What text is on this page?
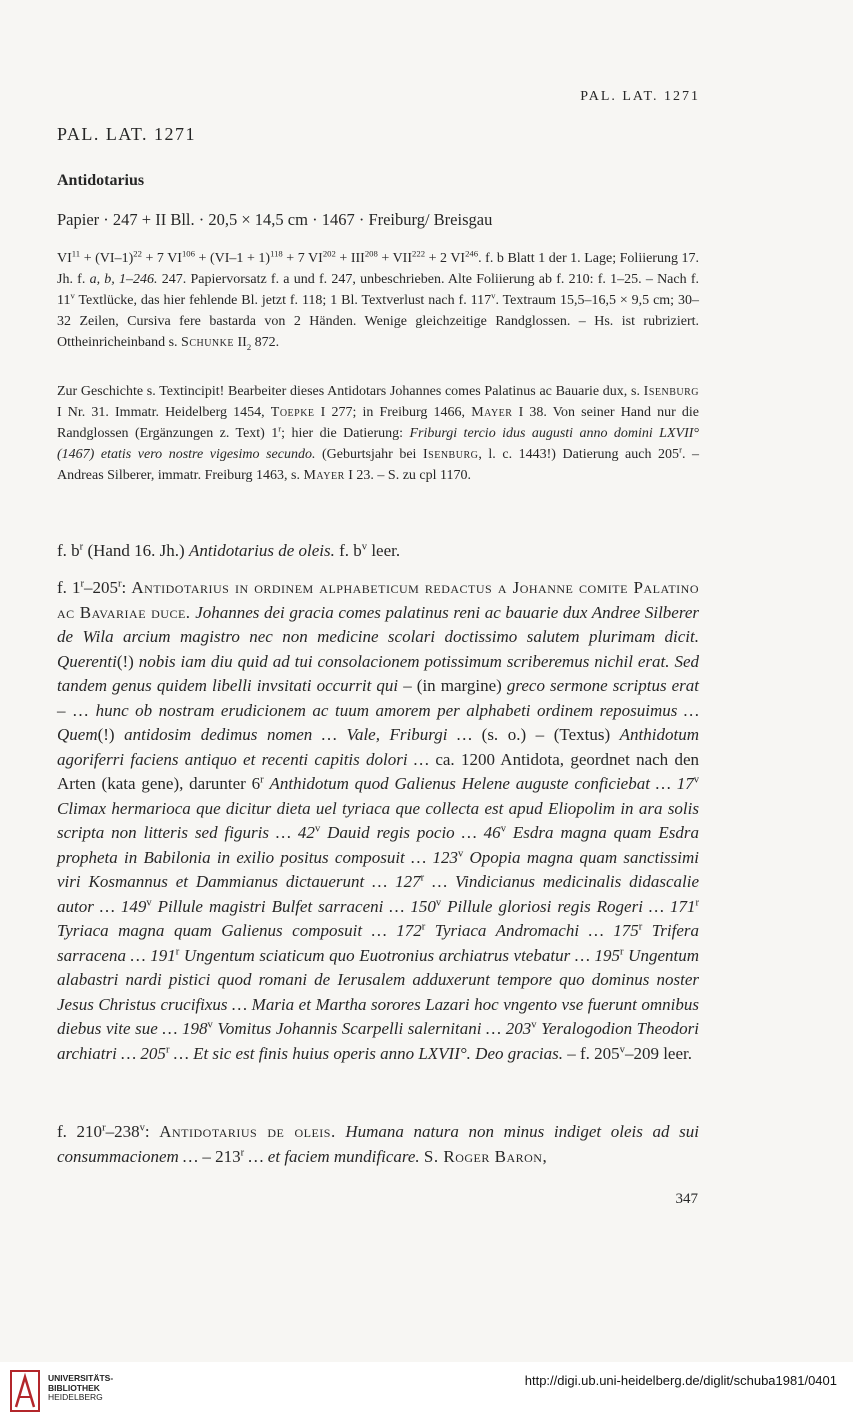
PAL. LAT. 1271
PAL. LAT. 1271
Antidotarius
Papier · 247 + II Bll. · 20,5 × 14,5 cm · 1467 · Freiburg/ Breisgau
$VI^{11} + (VI-1)^{22} + 7$ $VI^{106} + (VI-1 + 1)^{118} + 7$ $VI^{202} + III^{208} + VII^{222} + 2$ VI$^{246}$. f. b Blatt 1 der 1. Lage; Foliierung 17. Jh. f. a, b, 1–246. 247. Papiervorsatz f. a und f. 247, unbeschrieben. Alte Foliierung ab f. 210: f. 1–25. – Nach f. 11$^v$ Textlücke, das hier fehlende Bl. jetzt f. 118; 1 Bl. Textverlust nach f. 117$^v$. Textraum 15,5–16,5 × 9,5 cm; 30–32 Zeilen, Cursiva fere bastarda von 2 Händen. Wenige gleichzeitige Randglossen. – Hs. ist rubriziert. Ottheinricheinband s. Schunke $II_2$ 872.
Zur Geschichte s. Textincipit! Bearbeiter dieses Antidotars Johannes comes Palatinus ac Bauarie dux, s. Isenburg I Nr. 31. Immatr. Heidelberg 1454, Toepke I 277; in Freiburg 1466, Mayer I 38. Von seiner Hand nur die Randglossen (Ergänzungen z. Text) 1$^r$; hier die Datierung: Friburgi tercio idus augusti anno domini LXVII° (1467) etatis vero nostre vigesimo secundo. (Geburtsjahr bei Isenburg, l. c. 1443!) Datierung auch 205$^r$. – Andreas Silberer, immatr. Freiburg 1463, s. Mayer I 23. – S. zu cpl 1170.
f. $b^r$ (Hand 16. Jh.) Antidotarius de oleis. f. $b^v$ leer.
f. 1$^r$–205$^r$: Antidotarius in ordinem alphabeticum redactus a Johanne comite Palatino ac Bavariae duce. Johannes dei gracia comes palatinus reni ac bauarie dux Andree Silberer de Wila arcium magistro nec non medicine scolari doctissimo salutem plurimam dicit. Querenti(!) nobis iam diu quid ad tui consolacionem potissimum scriberemus nichil erat. Sed tandem genus quidem libelli invsitati occurrit qui – (in margine) greco sermone scriptus erat – … hunc ob nostram erudicionem ac tuum amorem per alphabeti ordinem reposuimus … Quem(!) antidosim dedimus nomen … Vale, Friburgi … (s. o.) – (Textus) Anthidotum agoriferri faciens antiquo et recenti capitis dolori … ca. 1200 Antidota, geordnet nach den Arten (kata gene), darunter 6$^r$ Anthidotum quod Galienus Helene auguste conficiebat … 17$^v$ Climax hermarioca que dicitur dieta uel tyriaca que collecta est apud Eliopolim in ara solis scripta non litteris sed figuris … 42$^v$ Dauid regis pocio … 46$^v$ Esdra magna quam Esdra propheta in Babilonia in exilio positus composuit … 123$^v$ Opopia magna quam sanctissimi viri Kosmannus et Dammianus dictauerunt … 127$^r$ … Vindicianus medicinalis didascalie autor … 149$^v$ Pillule magistri Bulfet sarraceni … 150$^v$ Pillule gloriosi regis Rogeri … 171$^r$ Tyriaca magna quam Galienus composuit … 172$^r$ Tyriaca Andromachi … 175$^r$ Trifera sarracena … 191$^r$ Ungentum sciaticum quo Euotronius archiatrus vtebatur … 195$^r$ Ungentum alabastri nardi pistici quod romani de Ierusalem adduxerunt tempore quo dominus noster Jesus Christus crucifixus … Maria et Martha sorores Lazari hoc vngento vse fuerunt omnibus diebus vite sue … 198$^v$ Vomitus Johannis Scarpelli salernitani … 203$^v$ Yeralogodion Theodori archiatri … 205$^r$ … Et sic est finis huius operis anno LXVII°. Deo gracias. – f. 205$^v$–209 leer.
f. 210$^r$–238$^v$: Antidotarius de oleis. Humana natura non minus indiget oleis ad sui consummacionem … – 213$^r$ … et faciem mundificare. S. Roger Baron,
347
UNIVERSITÄTS-
BIBLIOTHEK
HEIDELBERG
http://digi.ub.uni-heidelberg.de/diglit/schuba1981/0401
